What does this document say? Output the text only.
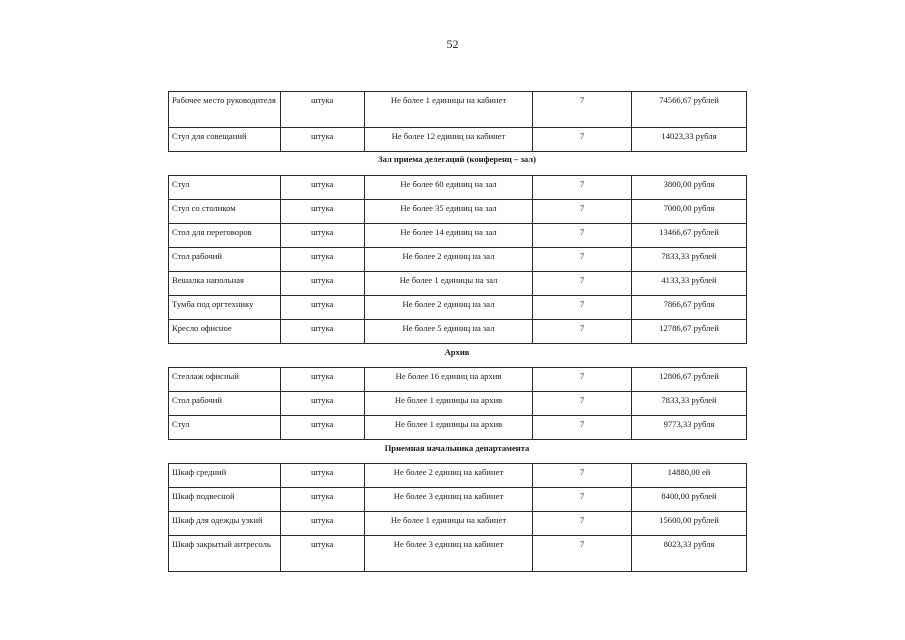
52
Рабочее место руководителя	штука	Не более 1 единицы на кабинет	7	74566,67 рублей
Стул для совещаний	штука	Не более 12 единиц на кабинет	7	14023,33 рубля
Зал приема делегаций (конференц – зал)
Стул	штука	Не более 60 единиц на зал	7	3800,00 рубля
Стул со столиком	штука	Не более 35 единиц на зал	7	7000,00 рубля
Стол для переговоров	штука	Не более 14 единиц на зал	7	13466,67 рублей
Стол рабочий	штука	Не более 2 единиц на зал	7	7833,33 рублей
Вешалка напольная	штука	Не более 1 единицы на зал	7	4133,33 рублей
Тумба под оргтехнику	штука	Не более 2 единиц на зал	7	7866,67 рубля
Кресло офисное	штука	Не более 5 единиц на зал	7	12786,67 рублей
Архив
Стеллаж офисный	штука	Не более 16 единиц на архив	7	12806,67 рублей
Стол рабочий	штука	Не более 1 единицы на архив	7	7833,33 рублей
Стул	штука	Не более 1 единицы на архив	7	9773,33 рубля
Приемная начальника департамента
Шкаф средний	штука	Не более 2 единиц на кабинет	7	14880,00 ей
Шкаф подвесной	штука	Не более 3 единиц на кабинет	7	8400,00 рублей
Шкаф для одежды узкий	штука	Не более 1 единицы на кабинет	7	15600,00 рублей
Шкаф закрытый антресоль	штука	Не более 3 единиц на кабинет	7	8023,33 рубля
